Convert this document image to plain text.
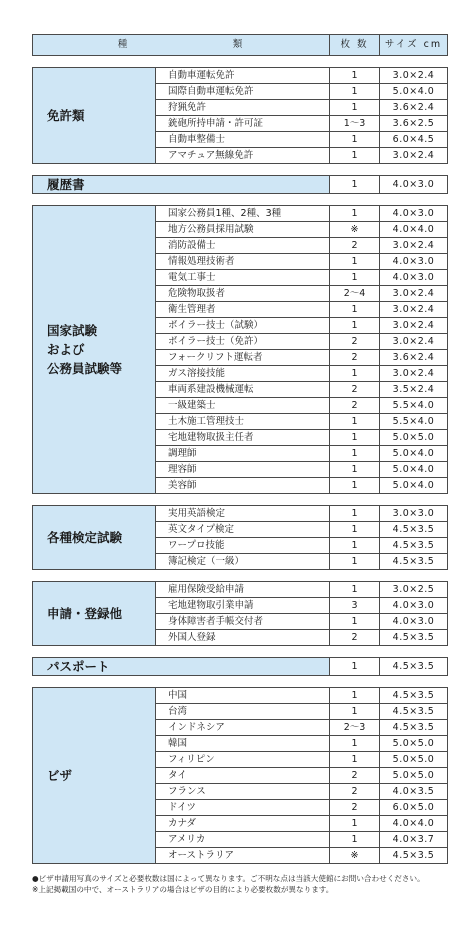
種　　　　　　　　　類		枚 数	サイズ cm

免許類	自動車運転免許	1	3.0×2.4
	国際自動車運転免許	1	5.0×4.0
	狩猟免許	1	3.6×2.4
	銃砲所持申請・許可証	1〜3	3.6×2.5
	自動車整備士	1	6.0×4.5
	アマチュア無線免許	1	3.0×2.4

履歴書		1	4.0×3.0

国家試験
および
公務員試験等	国家公務員1種、2種、3種	1	4.0×3.0
	地方公務員採用試験	※	4.0×4.0
	消防設備士	2	3.0×2.4
	情報処理技術者	1	4.0×3.0
	電気工事士	1	4.0×3.0
	危険物取扱者	2〜4	3.0×2.4
	衛生管理者	1	3.0×2.4
	ボイラー技士（試験）	1	3.0×2.4
	ボイラー技士（免許）	2	3.0×2.4
	フォークリフト運転者	2	3.6×2.4
	ガス溶接技能	1	3.0×2.4
	車両系建設機械運転	2	3.5×2.4
	一級建築士	2	5.5×4.0
	土木施工管理技士	1	5.5×4.0
	宅地建物取扱主任者	1	5.0×5.0
	調理師	1	5.0×4.0
	理容師	1	5.0×4.0
	美容師	1	5.0×4.0

各種検定試験	実用英語検定	1	3.0×3.0
	英文タイプ検定	1	4.5×3.5
	ワープロ技能	1	4.5×3.5
	簿記検定（一級）	1	4.5×3.5

申請・登録他	雇用保険受給申請	1	3.0×2.5
	宅地建物取引業申請	3	4.0×3.0
	身体障害者手帳交付者	1	4.0×3.0
	外国人登録	2	4.5×3.5

パスポート		1	4.5×3.5

ビザ	中国	1	4.5×3.5
	台湾	1	4.5×3.5
	インドネシア	2〜3	4.5×3.5
	韓国	1	5.0×5.0
	フィリピン	1	5.0×5.0
	タイ	2	5.0×5.0
	フランス	2	4.0×3.5
	ドイツ	2	6.0×5.0
	カナダ	1	4.0×4.0
	アメリカ	1	4.0×3.7
	オーストラリア	※	4.5×3.5
●ビザ申請用写真のサイズと必要枚数は国によって異なります。ご不明な点は当該大使館にお問い合わせください。
※上記掲載国の中で、オーストラリアの場合はビザの目的により必要枚数が異なります。
